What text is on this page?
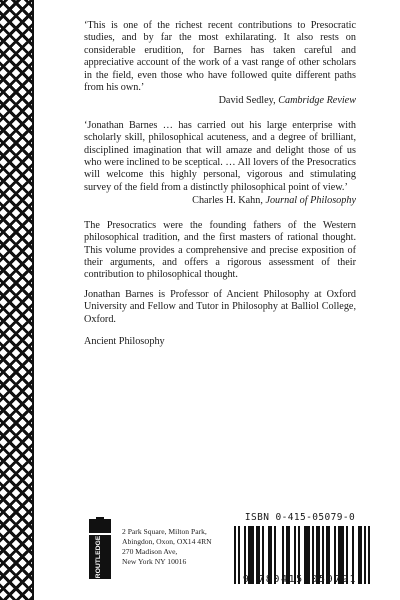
‘This is one of the richest recent contributions to Presocratic studies, and by far the most exhilarating. It also rests on considerable erudition, for Barnes has taken careful and appreciative account of the work of a vast range of other scholars in the field, even those who have followed quite different paths from his own.’

David Sedley, Cambridge Review

‘Jonathan Barnes … has carried out his large enterprise with scholarly skill, philosophical acuteness, and a degree of brilliant, disciplined imagination that will amaze and delight those of us who were inclined to be sceptical. … All lovers of the Presocratics will welcome this highly personal, vigorous and stimulating survey of the field from a distinctly philosophical point of view.’

Charles H. Kahn, Journal of Philosophy

The Presocratics were the founding fathers of the Western philosophical tradition, and the first masters of rational thought. This volume provides a comprehensive and precise exposition of their arguments, and offers a rigorous assessment of their contribution to philosophical thought.

Jonathan Barnes is Professor of Ancient Philosophy at Oxford University and Fellow and Tutor in Philosophy at Balliol College, Oxford.

Ancient Philosophy

ROUTLEDGE
2 Park Square, Milton Park,
Abingdon, Oxon, OX14 4RN
270 Madison Ave,
New York NY 10016
ISBN 0-415-05079-0
9 780415 050791
